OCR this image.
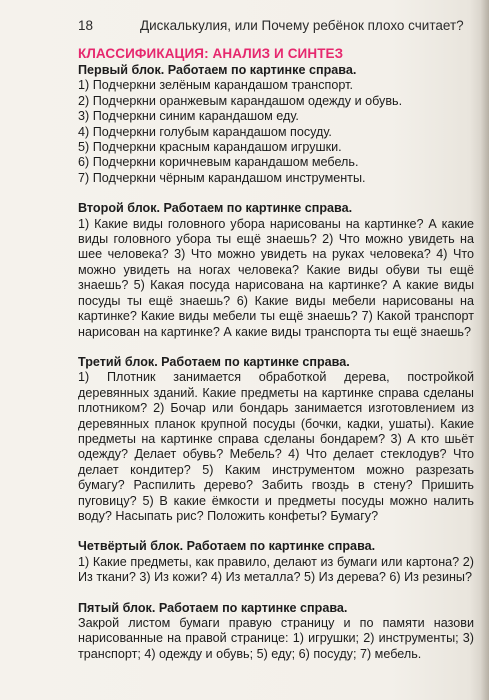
18	Дискалькулия, или Почему ребёнок плохо считает?
КЛАССИФИКАЦИЯ: АНАЛИЗ И СИНТЕЗ

Первый блок. Работаем по картинке справа.

1) Подчеркни зелёным карандашом транспорт.

2) Подчеркни оранжевым карандашом одежду и обувь.

3) Подчеркни синим карандашом еду.

4) Подчеркни голубым карандашом посуду.

5) Подчеркни красным карандашом игрушки.

6) Подчеркни коричневым карандашом мебель.

7) Подчеркни чёрным карандашом инструменты.

Второй блок. Работаем по картинке справа.

1) Какие виды головного убора нарисованы на картинке? А какие виды головного убора ты ещё знаешь? 2) Что можно увидеть на шее человека? 3) Что можно увидеть на руках человека? 4) Что можно увидеть на ногах человека? Какие виды обуви ты ещё знаешь? 5) Какая посуда нарисована на картинке? А какие виды посуды ты ещё знаешь? 6) Какие виды мебели нарисованы на картинке? Какие виды мебели ты ещё знаешь? 7) Какой транспорт нарисован на картинке? А какие виды транспорта ты ещё знаешь?

Третий блок. Работаем по картинке справа.

1) Плотник занимается обработкой дерева, постройкой деревянных зданий. Какие предметы на картинке справа сделаны плотником? 2) Бочар или бондарь занимается изготовлением из деревянных планок крупной посуды (бочки, кадки, ушаты). Какие предметы на картинке справа сделаны бондарем? 3) А кто шьёт одежду? Делает обувь? Мебель? 4) Что делает стеклодув? Что делает кондитер? 5) Каким инструментом можно разрезать бумагу? Распилить дерево? Забить гвоздь в стену? Пришить пуговицу? 5) В какие ёмкости и предметы посуды можно налить воду? Насыпать рис? Положить конфеты? Бумагу?

Четвёртый блок. Работаем по картинке справа.

1) Какие предметы, как правило, делают из бумаги или картона? 2) Из ткани? 3) Из кожи? 4) Из металла? 5) Из дерева? 6) Из резины?

Пятый блок. Работаем по картинке справа.

Закрой листом бумаги правую страницу и по памяти назови нарисованные на правой странице: 1) игрушки; 2) инструменты; 3) транспорт; 4) одежду и обувь; 5) еду; 6) посуду; 7) мебель.
